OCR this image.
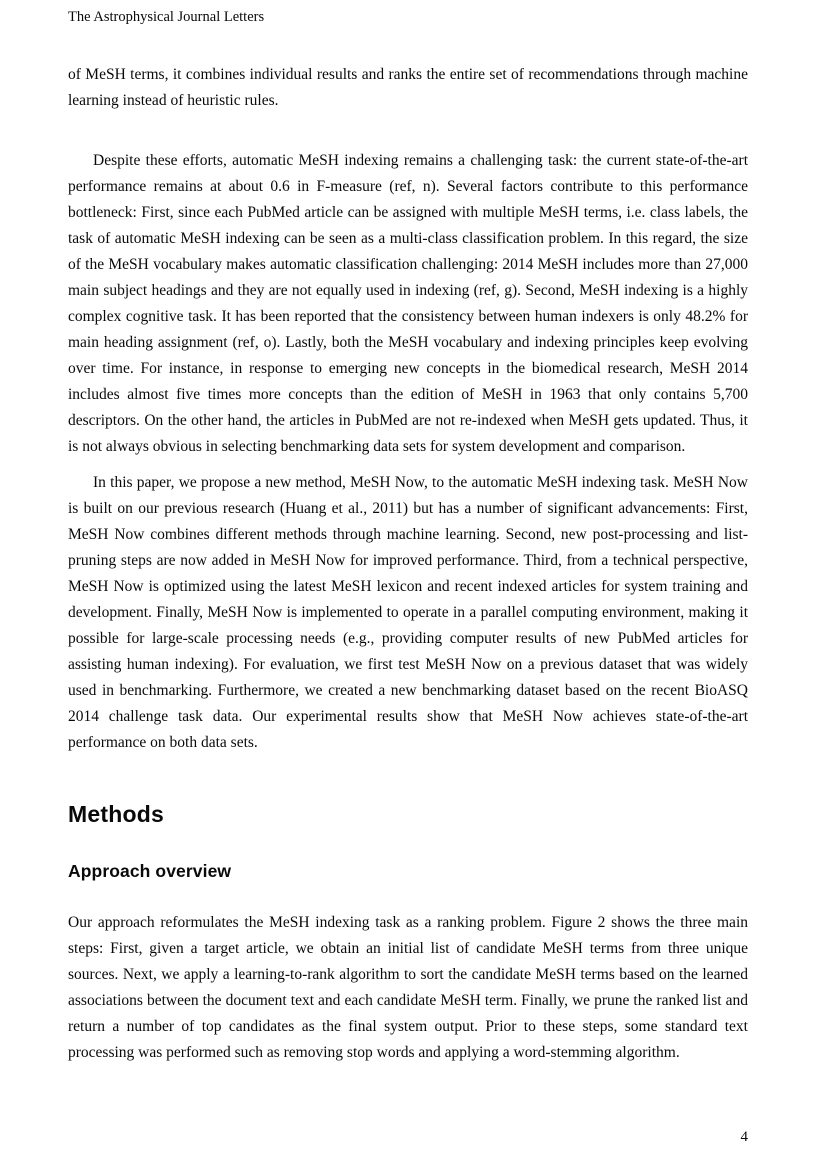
The Astrophysical Journal Letters

of MeSH terms, it combines individual results and ranks the entire set of recommendations through machine learning instead of heuristic rules.

Despite these efforts, automatic MeSH indexing remains a challenging task: the current state-of-the-art performance remains at about 0.6 in F-measure (ref, n). Several factors contribute to this performance bottleneck: First, since each PubMed article can be assigned with multiple MeSH terms, i.e. class labels, the task of automatic MeSH indexing can be seen as a multi-class classification problem. In this regard, the size of the MeSH vocabulary makes automatic classification challenging: 2014 MeSH includes more than 27,000 main subject headings and they are not equally used in indexing (ref, g). Second, MeSH indexing is a highly complex cognitive task. It has been reported that the consistency between human indexers is only 48.2% for main heading assignment (ref, o). Lastly, both the MeSH vocabulary and indexing principles keep evolving over time. For instance, in response to emerging new concepts in the biomedical research, MeSH 2014 includes almost five times more concepts than the edition of MeSH in 1963 that only contains 5,700 descriptors. On the other hand, the articles in PubMed are not re-indexed when MeSH gets updated. Thus, it is not always obvious in selecting benchmarking data sets for system development and comparison.

In this paper, we propose a new method, MeSH Now, to the automatic MeSH indexing task. MeSH Now is built on our previous research (Huang et al., 2011) but has a number of significant advancements: First, MeSH Now combines different methods through machine learning. Second, new post-processing and list-pruning steps are now added in MeSH Now for improved performance. Third, from a technical perspective, MeSH Now is optimized using the latest MeSH lexicon and recent indexed articles for system training and development. Finally, MeSH Now is implemented to operate in a parallel computing environment, making it possible for large-scale processing needs (e.g., providing computer results of new PubMed articles for assisting human indexing). For evaluation, we first test MeSH Now on a previous dataset that was widely used in benchmarking. Furthermore, we created a new benchmarking dataset based on the recent BioASQ 2014 challenge task data. Our experimental results show that MeSH Now achieves state-of-the-art performance on both data sets.

Methods
Approach overview

Our approach reformulates the MeSH indexing task as a ranking problem. Figure 2 shows the three main steps: First, given a target article, we obtain an initial list of candidate MeSH terms from three unique sources. Next, we apply a learning-to-rank algorithm to sort the candidate MeSH terms based on the learned associations between the document text and each candidate MeSH term. Finally, we prune the ranked list and return a number of top candidates as the final system output. Prior to these steps, some standard text processing was performed such as removing stop words and applying a word-stemming algorithm.

4
